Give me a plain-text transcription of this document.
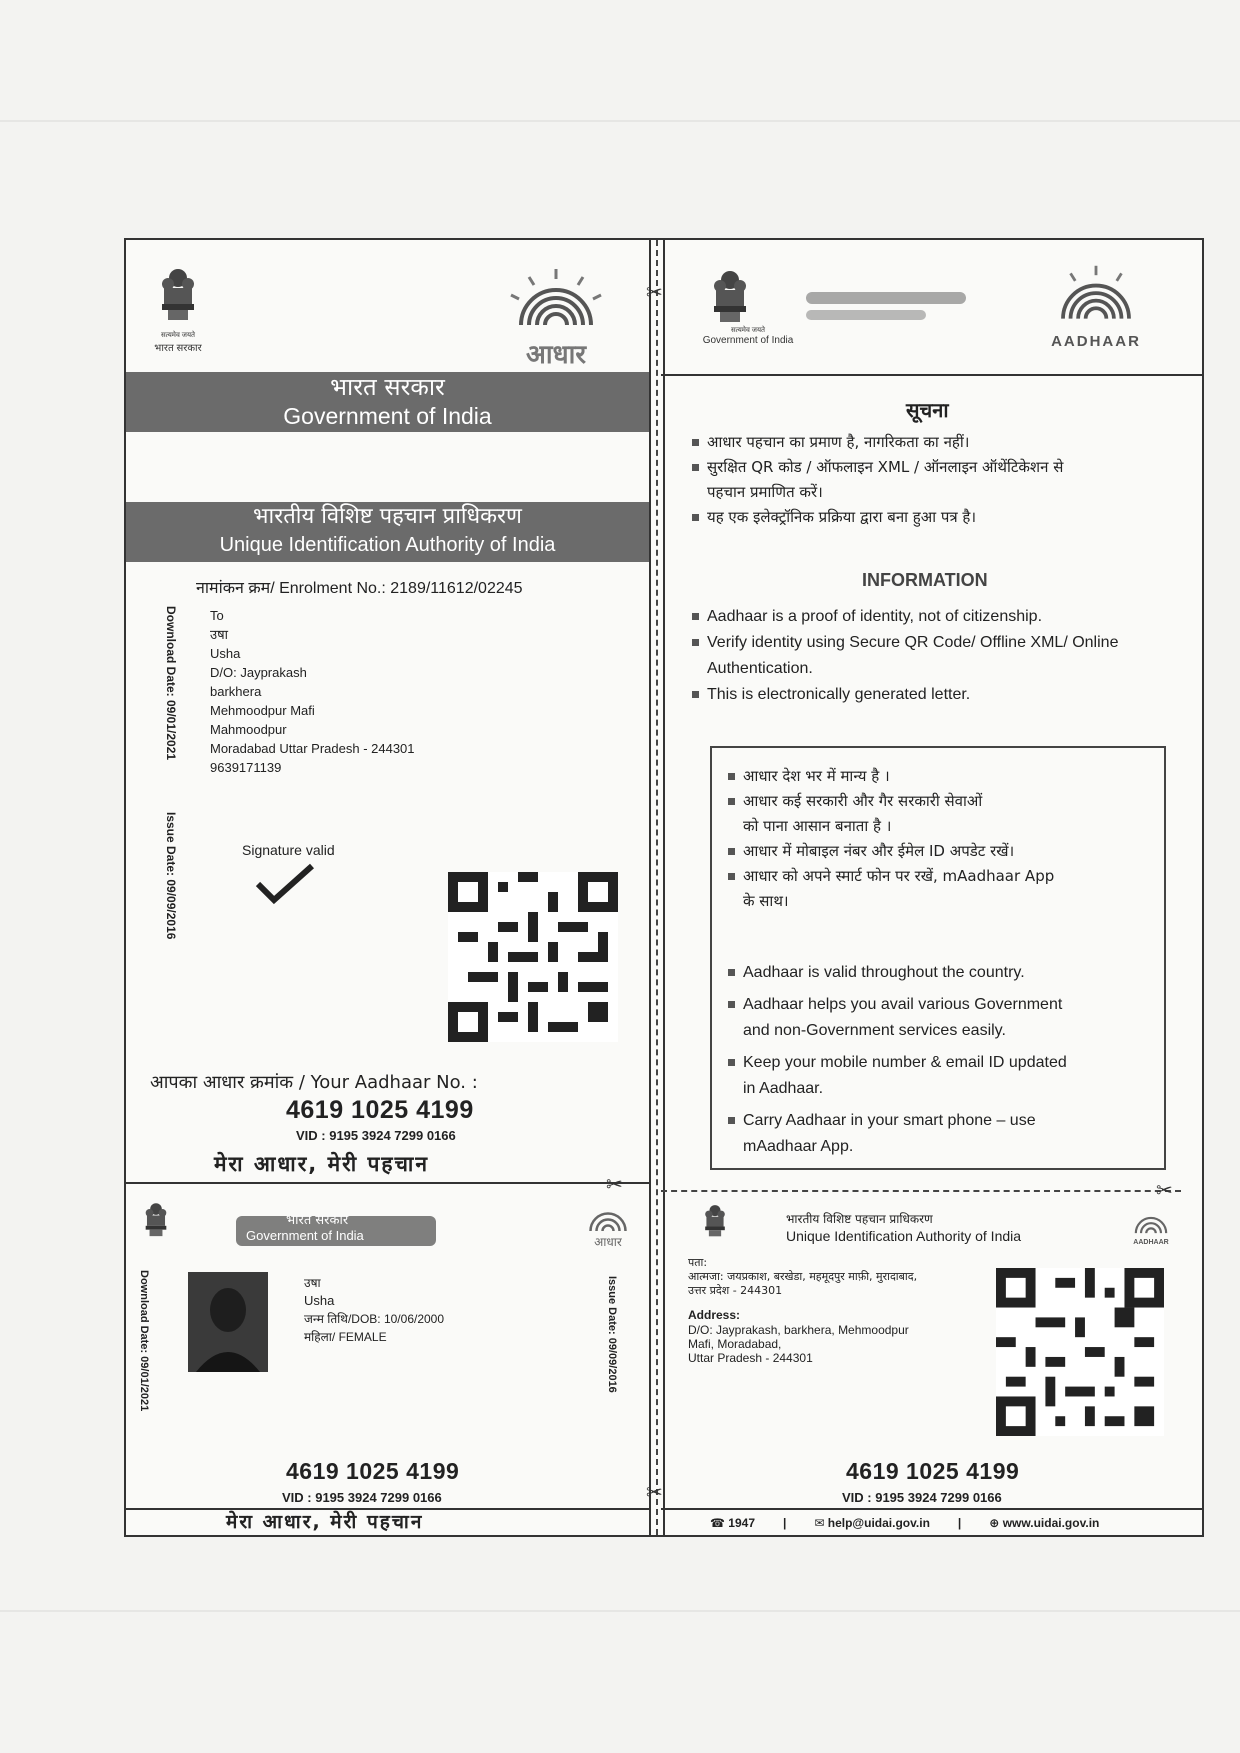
✂
✂
सत्यमेव जयते
भारत सरकार	आधार
भारत सरकार
Government of India
भारतीय विशिष्ट पहचान प्राधिकरण
Unique Identification Authority of India
नामांकन क्रम/ Enrolment No.: 2189/11612/02245
Download Date: 09/01/2021
Issue Date: 09/09/2016
To
उषा
Usha
D/O: Jayprakash
barkhera
Mehmoodpur Mafi
Mahmoodpur
Moradabad Uttar Pradesh - 244301
9639171139
Signature valid
आपका आधार क्रमांक / Your Aadhaar No. :
4619 1025 4199
VID : 9195 3924 7299 0166
मेरा आधार, मेरी पहचान
✂	✂
भारत सरकार
Government of India	आधार
Download Date: 09/01/2021	Issue Date: 09/09/2016
उषा
Usha
जन्म तिथि/DOB: 10/06/2000
महिला/ FEMALE
4619 1025 4199
VID : 9195 3924 7299 0166
मेरा आधार, मेरी पहचान
सत्यमेव जयते
Government of India	AADHAAR
सूचना
आधार पहचान का प्रमाण है, नागरिकता का नहीं।
सुरक्षित QR कोड / ऑफलाइन XML / ऑनलाइन ऑथेंटिकेशन से
पहचान प्रमाणित करें।
यह एक इलेक्ट्रॉनिक प्रक्रिया द्वारा बना हुआ पत्र है।
INFORMATION
Aadhaar is a proof of identity, not of citizenship.
Verify identity using Secure QR Code/ Offline XML/ Online
Authentication.
This is electronically generated letter.
आधार देश भर में मान्य है ।
आधार कई सरकारी और गैर सरकारी सेवाओं
को पाना आसान बनाता है ।
आधार में मोबाइल नंबर और ईमेल ID अपडेट रखें।
आधार को अपने स्मार्ट फोन पर रखें, mAadhaar App
के साथ।
Aadhaar is valid throughout the country.
Aadhaar helps you avail various Government
and non-Government services easily.
Keep your mobile number & email ID updated
in Aadhaar.
Carry Aadhaar in your smart phone – use
mAadhaar App.
भारतीय विशिष्ट पहचान प्राधिकरण
Unique Identification Authority of India	AADHAAR
पता:
आत्मजा: जयप्रकाश, बरखेडा, महमूदपुर माफ़ी, मुरादाबाद,
उत्तर प्रदेश - 244301
Address:
D/O: Jayprakash, barkhera, Mehmoodpur
Mafi, Moradabad,
Uttar Pradesh - 244301
4619 1025 4199
VID : 9195 3924 7299 0166
☎ 1947 | ✉ help@uidai.gov.in | ⊕ www.uidai.gov.in
